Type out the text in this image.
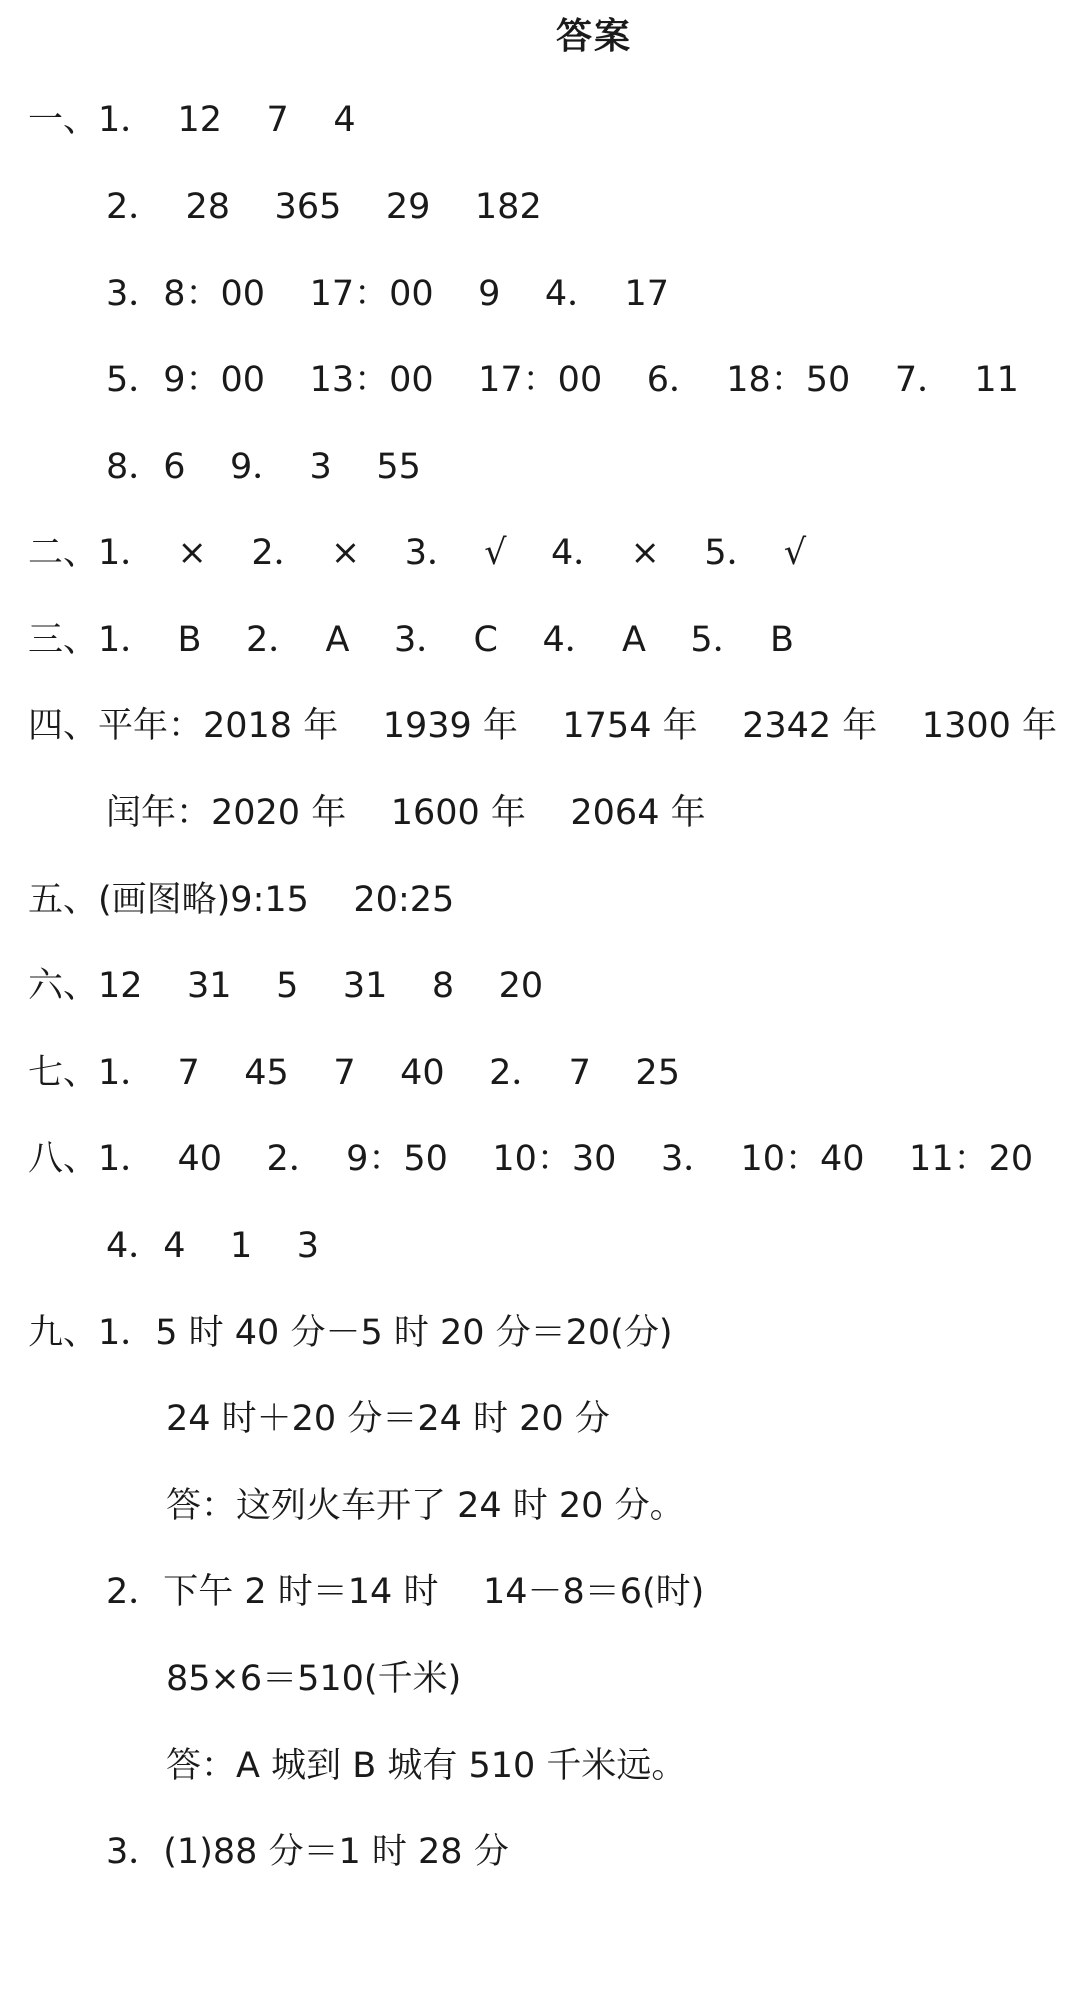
答案
一、1．  12    7    4
2．  28    365    29    182
3．8：00    17：00    9    4．  17
5．9：00    13：00    17：00    6．  18：50    7．  11
8．6    9．  3    55
二、1．  ×    2．  ×    3．  √    4．  ×    5．  √
三、1．  B    2．  A    3．  C    4．  A    5．  B
四、平年：2018 年    1939 年    1754 年    2342 年    1300 年
闰年：2020 年    1600 年    2064 年
五、(画图略)9:15    20:25
六、12    31    5    31    8    20
七、1．  7    45    7    40    2．  7    25
八、1．  40    2．  9：50    10：30    3．  10：40    11：20
4．4    1    3
九、1．5 时 40 分－5 时 20 分＝20(分)
24 时＋20 分＝24 时 20 分
答：这列火车开了 24 时 20 分。
2．下午 2 时＝14 时    14－8＝6(时)
85×6＝510(千米)
答：A 城到 B 城有 510 千米远。
3．(1)88 分＝1 时 28 分
